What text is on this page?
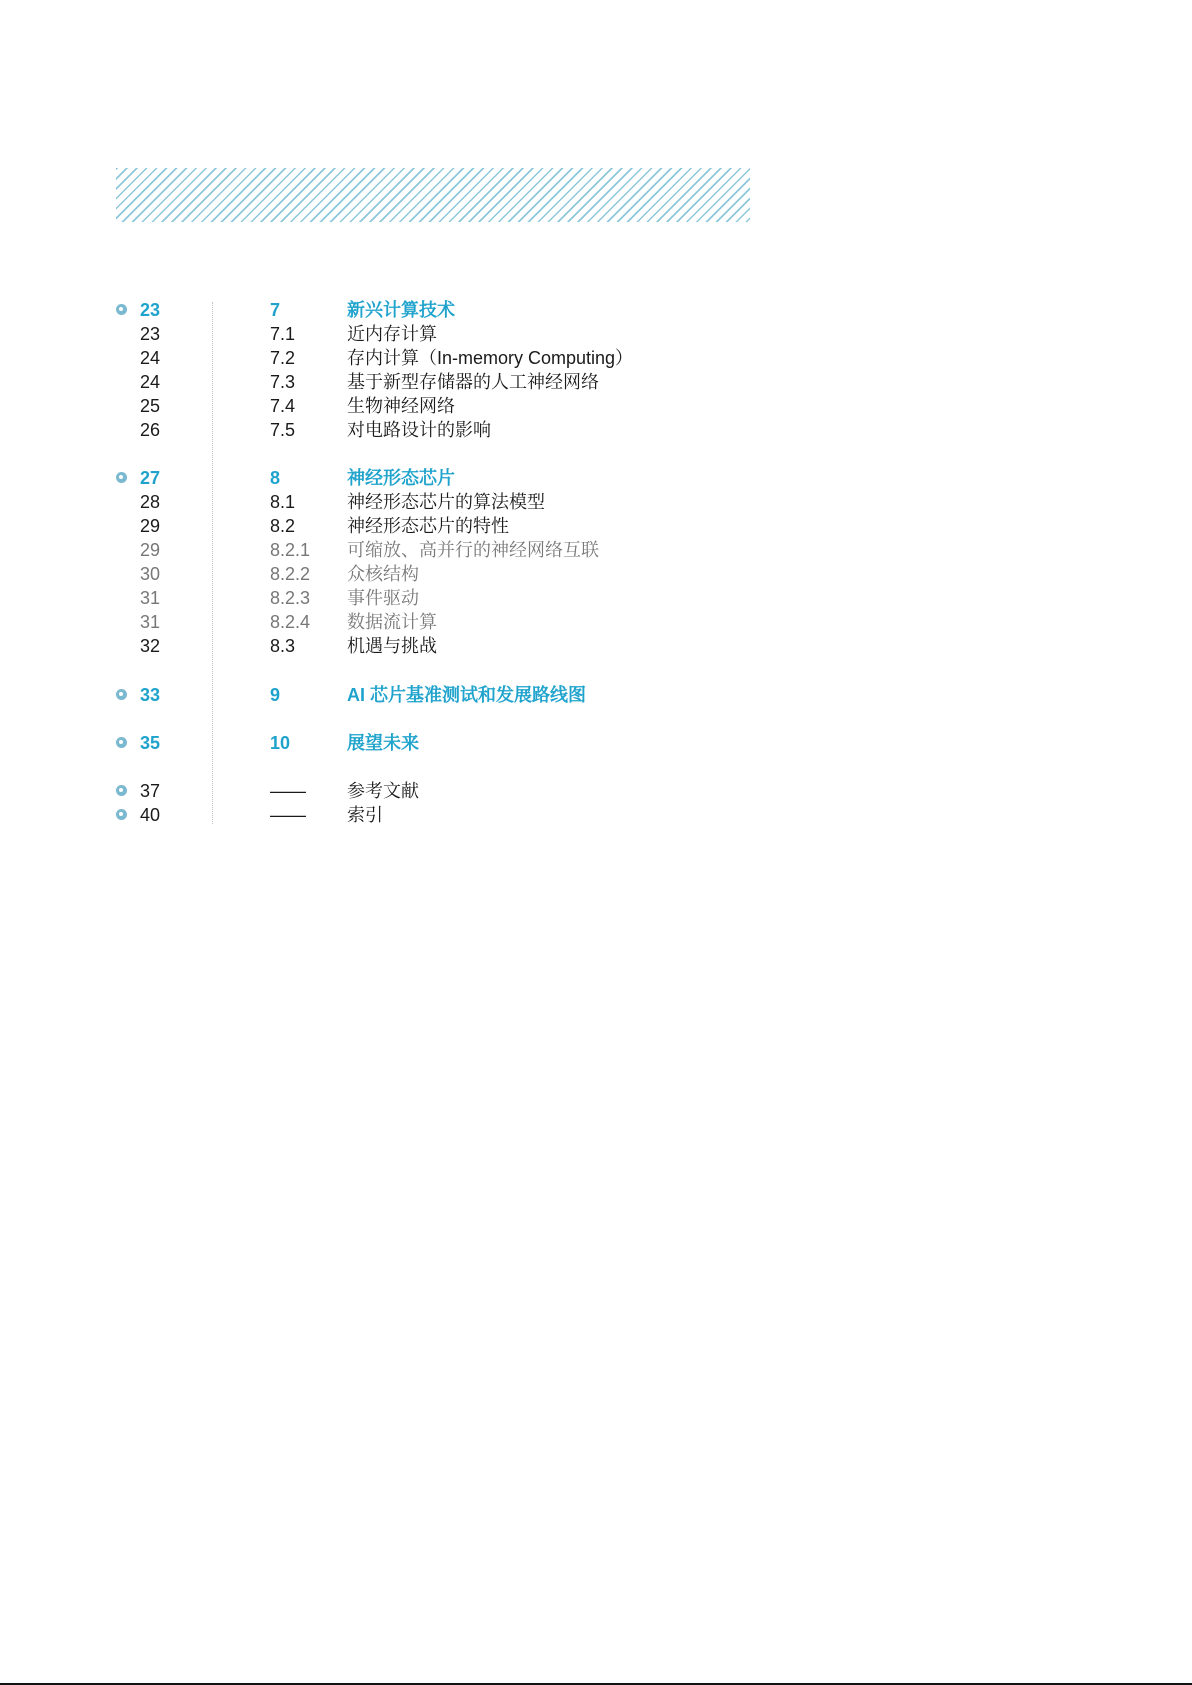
23	7	新兴计算技术
23	7.1	近内存计算
24	7.2	存内计算（In-memory Computing）
24	7.3	基于新型存储器的人工神经网络
25	7.4	生物神经网络
26	7.5	对电路设计的影响
27	8	神经形态芯片
28	8.1	神经形态芯片的算法模型
29	8.2	神经形态芯片的特性
29	8.2.1 可缩放、高并行的神经网络互联
30	8.2.2 众核结构
31	8.2.3 事件驱动
31	8.2.4 数据流计算
32	8.3	机遇与挑战
33	9	AI 芯片基准测试和发展路线图
35	10	展望未来
37	—— 参考文献
40	—— 索引
